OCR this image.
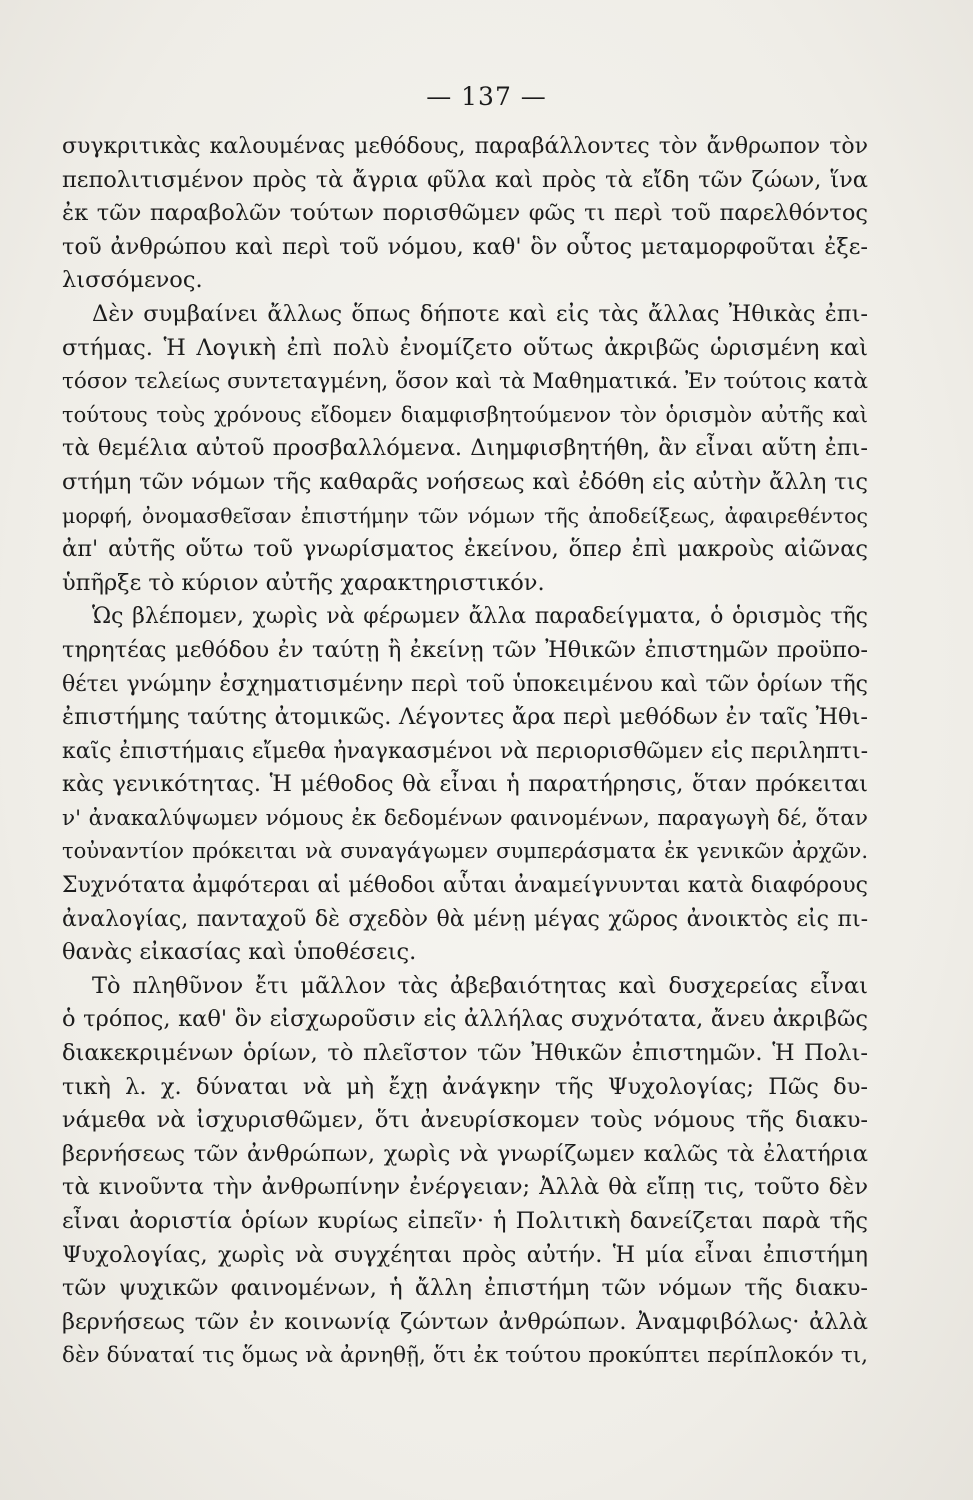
— 137 —
συγκριτικὰς καλουμένας μεθόδους, παραβάλλοντες τὸν ἄνθρωπον τὸν
πεπολιτισμένον πρὸς τὰ ἄγρια φῦλα καὶ πρὸς τὰ εἴδη τῶν ζώων, ἵνα
ἐκ τῶν παραβολῶν τούτων πορισθῶμεν φῶς τι περὶ τοῦ παρελθόντος
τοῦ ἀνθρώπου καὶ περὶ τοῦ νόμου, καθ' ὃν οὗτος μεταμορφοῦται ἐξε-
λισσόμενος.
Δὲν συμβαίνει ἄλλως ὅπως δήποτε καὶ εἰς τὰς ἄλλας Ἠθικὰς ἐπι-
στήμας. Ἡ Λογικὴ ἐπὶ πολὺ ἐνομίζετο οὕτως ἀκριβῶς ὡρισμένη καὶ
τόσον τελείως συντεταγμένη, ὅσον καὶ τὰ Μαθηματικά. Ἐν τούτοις κατὰ
τούτους τοὺς χρόνους εἴδομεν διαμφισβητούμενον τὸν ὁρισμὸν αὐτῆς καὶ
τὰ θεμέλια αὐτοῦ προσβαλλόμενα. Διημφισβητήθη, ἂν εἶναι αὕτη ἐπι-
στήμη τῶν νόμων τῆς καθαρᾶς νοήσεως καὶ ἐδόθη εἰς αὐτὴν ἄλλη τις
μορφή, ὀνομασθεῖσαν ἐπιστήμην τῶν νόμων τῆς ἀποδείξεως, ἀφαιρεθέντος
ἀπ' αὐτῆς οὕτω τοῦ γνωρίσματος ἐκείνου, ὅπερ ἐπὶ μακροὺς αἰῶνας
ὑπῆρξε τὸ κύριον αὐτῆς χαρακτηριστικόν.
Ὡς βλέπομεν, χωρὶς νὰ φέρωμεν ἄλλα παραδείγματα, ὁ ὁρισμὸς τῆς
τηρητέας μεθόδου ἐν ταύτῃ ἢ ἐκείνῃ τῶν Ἠθικῶν ἐπιστημῶν προϋπο-
θέτει γνώμην ἐσχηματισμένην περὶ τοῦ ὑποκειμένου καὶ τῶν ὁρίων τῆς
ἐπιστήμης ταύτης ἀτομικῶς. Λέγοντες ἄρα περὶ μεθόδων ἐν ταῖς Ἠθι-
καῖς ἐπιστήμαις εἴμεθα ἠναγκασμένοι νὰ περιορισθῶμεν εἰς περιληπτι-
κὰς γενικότητας. Ἡ μέθοδος θὰ εἶναι ἡ παρατήρησις, ὅταν πρόκειται
ν' ἀνακαλύψωμεν νόμους ἐκ δεδομένων φαινομένων, παραγωγὴ δέ, ὅταν
τοὐναντίον πρόκειται νὰ συναγάγωμεν συμπεράσματα ἐκ γενικῶν ἀρχῶν.
Συχνότατα ἀμφότεραι αἱ μέθοδοι αὗται ἀναμείγνυνται κατὰ διαφόρους
ἀναλογίας, πανταχοῦ δὲ σχεδὸν θὰ μένῃ μέγας χῶρος ἀνοικτὸς εἰς πι-
θανὰς εἰκασίας καὶ ὑποθέσεις.
Τὸ πληθῦνον ἔτι μᾶλλον τὰς ἀβεβαιότητας καὶ δυσχερείας εἶναι
ὁ τρόπος, καθ' ὃν εἰσχωροῦσιν εἰς ἀλλήλας συχνότατα, ἄνευ ἀκριβῶς
διακεκριμένων ὁρίων, τὸ πλεῖστον τῶν Ἠθικῶν ἐπιστημῶν. Ἡ Πολι-
τικὴ λ. χ. δύναται νὰ μὴ ἔχῃ ἀνάγκην τῆς Ψυχολογίας; Πῶς δυ-
νάμεθα νὰ ἰσχυρισθῶμεν, ὅτι ἀνευρίσκομεν τοὺς νόμους τῆς διακυ-
βερνήσεως τῶν ἀνθρώπων, χωρὶς νὰ γνωρίζωμεν καλῶς τὰ ἐλατήρια
τὰ κινοῦντα τὴν ἀνθρωπίνην ἐνέργειαν; Ἀλλὰ θὰ εἴπῃ τις, τοῦτο δὲν
εἶναι ἀοριστία ὁρίων κυρίως εἰπεῖν· ἡ Πολιτικὴ δανείζεται παρὰ τῆς
Ψυχολογίας, χωρὶς νὰ συγχέηται πρὸς αὐτήν. Ἡ μία εἶναι ἐπιστήμη
τῶν ψυχικῶν φαινομένων, ἡ ἄλλη ἐπιστήμη τῶν νόμων τῆς διακυ-
βερνήσεως τῶν ἐν κοινωνίᾳ ζώντων ἀνθρώπων. Ἀναμφιβόλως· ἀλλὰ
δὲν δύναταί τις ὅμως νὰ ἀρνηθῇ, ὅτι ἐκ τούτου προκύπτει περίπλοκόν τι,
